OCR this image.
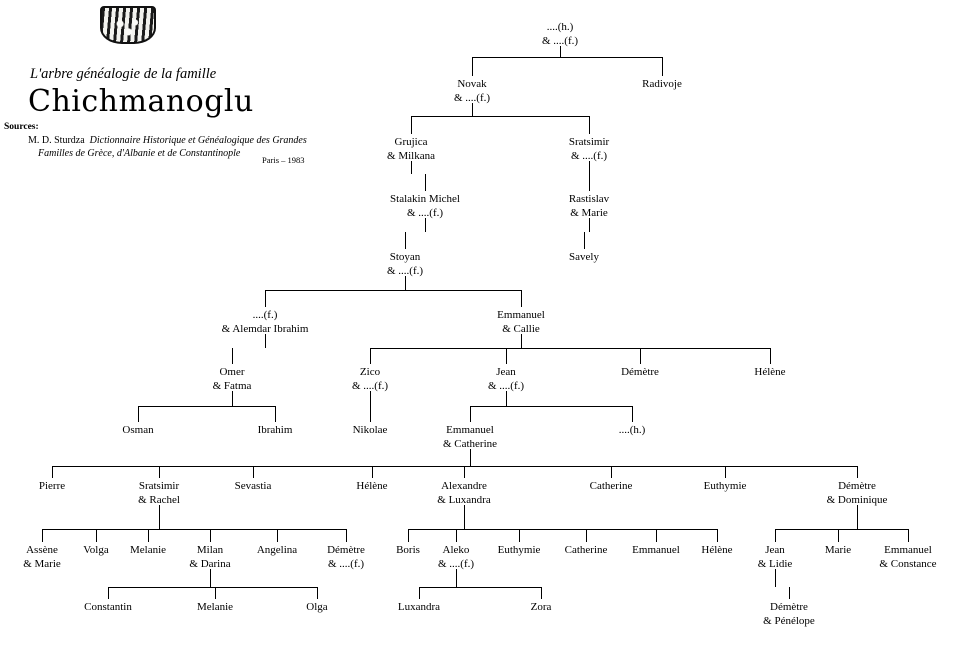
L'arbre généalogie de la famille
Chichmanoglu
Sources:
M. D. Sturdza Dictionnaire Historique et Généalogique des Grandes
Familles de Grèce, d'Albanie et de Constantinople
Paris – 1983
....(h.)
& ....(f.)
Novak
& ....(f.)
Radivoje
Grujica
& Milkana
Sratsimir
& ....(f.)
Stalakin Michel
& ....(f.)
Rastislav
& Marie
Stoyan
& ....(f.)
Savely
....(f.)
& Alemdar Ibrahim
Emmanuel
& Callie
Omer
& Fatma
Zico
& ....(f.)
Jean
& ....(f.)
Démètre	Hélène
Osman	Ibrahim	Nikolae	Emmanuel
& Catherine
....(h.)
Pierre	Sratsimir
& Rachel
Sevastia	Hélène	Alexandre
& Luxandra
Catherine	Euthymie	Démètre
& Dominique
Assène
& Marie
Volga Melanie	Milan
& Darina
Angelina	Démètre
& ....(f.)
Boris	Aleko
& ....(f.)
Euthymie Catherine Emmanuel Hélène	Jean
& Lidie
Marie	Emmanuel
& Constance
Constantin	Melanie	Olga	Luxandra	Zora	Démètre
& Pénélope
